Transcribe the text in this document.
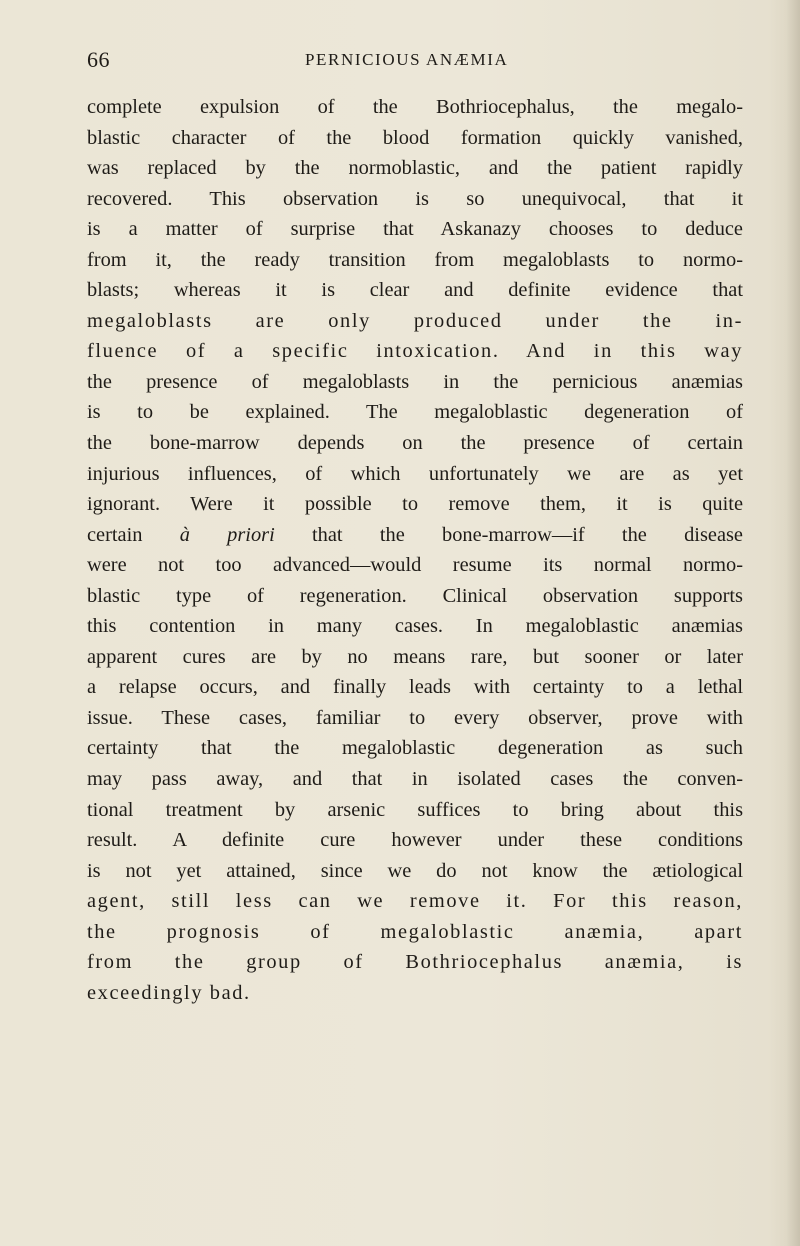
66	PERNICIOUS ANÆMIA
complete expulsion of the Bothriocephalus, the megalo-
blastic character of the blood formation quickly vanished,
was replaced by the normoblastic, and the patient rapidly
recovered. This observation is so unequivocal, that it
is a matter of surprise that Askanazy chooses to deduce
from it, the ready transition from megaloblasts to normo-
blasts; whereas it is clear and definite evidence that
megaloblasts are only produced under the in-
fluence of a specific intoxication. And in this way
the presence of megaloblasts in the pernicious anæmias
is to be explained. The megaloblastic degeneration of
the bone-marrow depends on the presence of certain
injurious influences, of which unfortunately we are as yet
ignorant. Were it possible to remove them, it is quite
certain à priori that the bone-marrow—if the disease
were not too advanced—would resume its normal normo-
blastic type of regeneration. Clinical observation supports
this contention in many cases. In megaloblastic anæmias
apparent cures are by no means rare, but sooner or later
a relapse occurs, and finally leads with certainty to a lethal
issue. These cases, familiar to every observer, prove with
certainty that the megaloblastic degeneration as such
may pass away, and that in isolated cases the conven-
tional treatment by arsenic suffices to bring about this
result. A definite cure however under these conditions
is not yet attained, since we do not know the ætiological
agent, still less can we remove it. For this reason,
the prognosis of megaloblastic anæmia, apart
from the group of Bothriocephalus anæmia, is
exceedingly bad.
